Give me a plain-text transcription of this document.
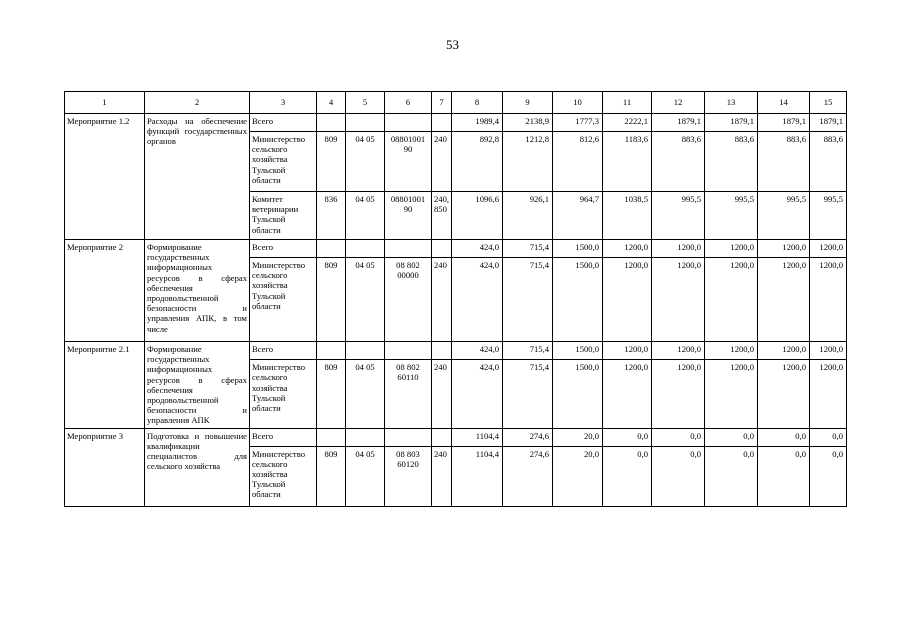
53
1	2	3	4	5	6	7	8	9	10	11	12	13	14	15
Мероприятие 1.2	Расходы на обеспечение функций государственных органов	Всего					1989,4	2138,9	1777,3	2222,1	1879,1	1879,1	1879,1	1879,1
		Министерство сельского хозяйства Тульской области	809	04 05	08801001 90	240	892,8	1212,8	812,6	1183,6	883,6	883,6	883,6	883,6
		Комитет ветеринарии Тульской области	836	04 05	08801001 90	240, 850	1096,6	926,1	964,7	1038,5	995,5	995,5	995,5	995,5
Мероприятие 2	Формирование государственных информационных ресурсов в сферах обеспечения продовольственной безопасности и управления АПК, в том числе	Всего					424,0	715,4	1500,0	1200,0	1200,0	1200,0	1200,0	1200,0
		Министерство сельского хозяйства Тульской области	809	04 05	08 802 00000	240	424,0	715,4	1500,0	1200,0	1200,0	1200,0	1200,0	1200,0
Мероприятие 2.1	Формирование государственных информационных ресурсов в сферах обеспечения продовольственной безопасности и управления АПК	Всего					424,0	715,4	1500,0	1200,0	1200,0	1200,0	1200,0	1200,0
		Министерство сельского хозяйства Тульской области	809	04 05	08 802 60110	240	424,0	715,4	1500,0	1200,0	1200,0	1200,0	1200,0	1200,0
Мероприятие 3	Подготовка и повышение квалификации специалистов для сельского хозяйства	Всего					1104,4	274,6	20,0	0,0	0,0	0,0	0,0	0,0
		Министерство сельского хозяйства Тульской области	809	04 05	08 803 60120	240	1104,4	274,6	20,0	0,0	0,0	0,0	0,0	0,0
